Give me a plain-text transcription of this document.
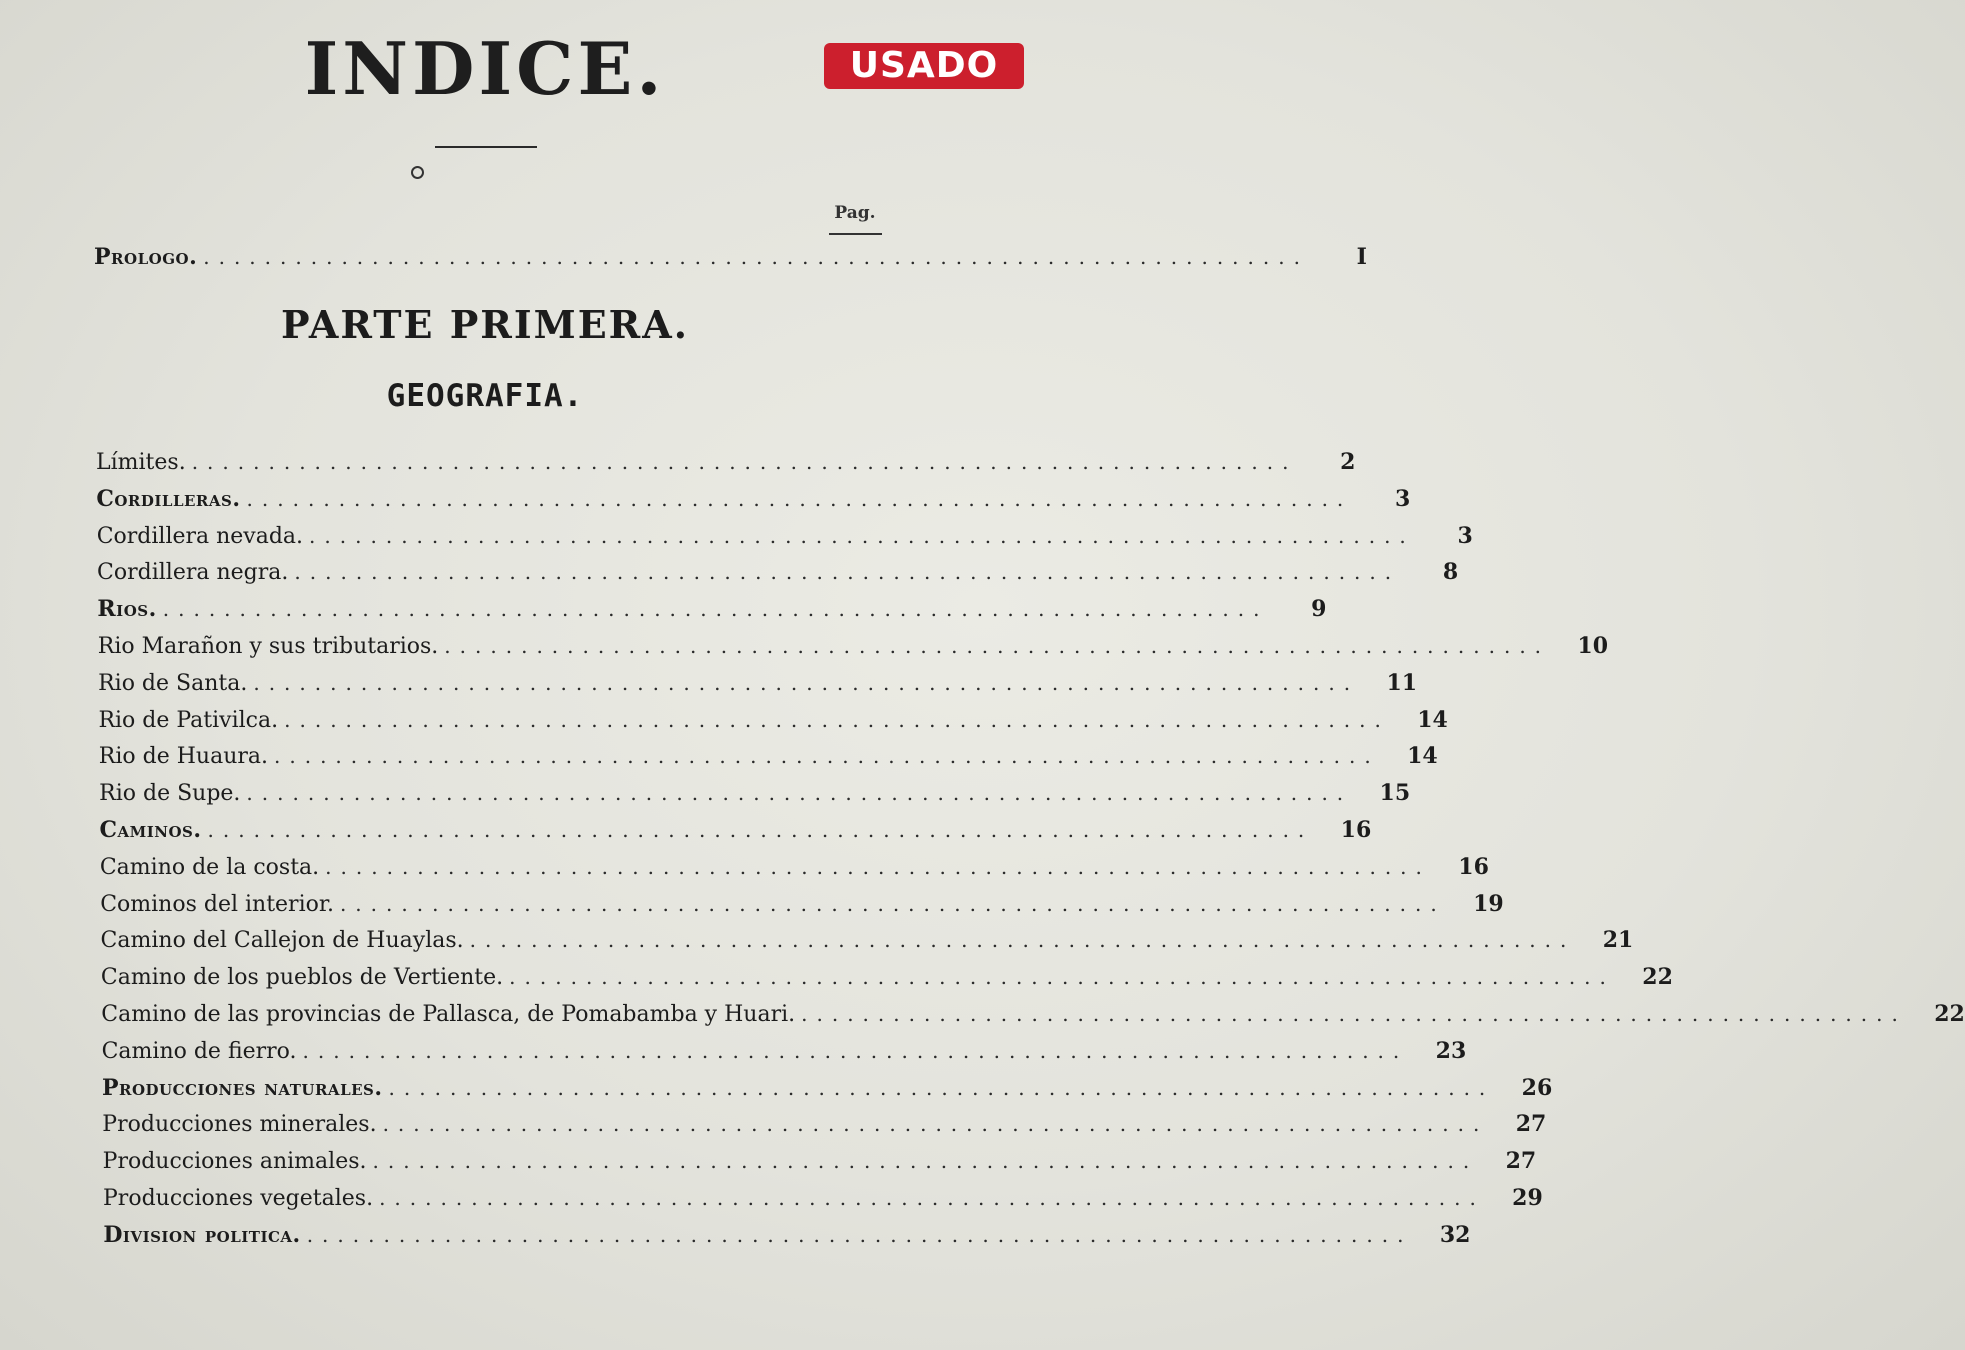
INDICE.	USADO
Pag.
Prologo. ........................................................................	I
PARTE PRIMERA.
GEOGRAFIA.
Límites. ........................................................................	2
Cordilleras. ........................................................................	3
Cordillera nevada. ........................................................................	3
Cordillera negra. ........................................................................	8
Rios. ........................................................................	9
Rio Marañon y sus tributarios. ........................................................................	10
Rio de Santa. ........................................................................	11
Rio de Pativilca. ........................................................................	14
Rio de Huaura. ........................................................................	14
Rio de Supe. ........................................................................	15
Caminos. ........................................................................	16
Camino de la costa. ........................................................................	16
Cominos del interior. ........................................................................	19
Camino del Callejon de Huaylas. ........................................................................	21
Camino de los pueblos de Vertiente. ........................................................................	22
Camino de las provincias de Pallasca, de Pomabamba y Huari. ........................................................................	22
Camino de fierro. ........................................................................	23
Producciones naturales. ........................................................................	26
Producciones minerales. ........................................................................	27
Producciones animales. ........................................................................	27
Producciones vegetales. ........................................................................	29
Division politica. ........................................................................	32
